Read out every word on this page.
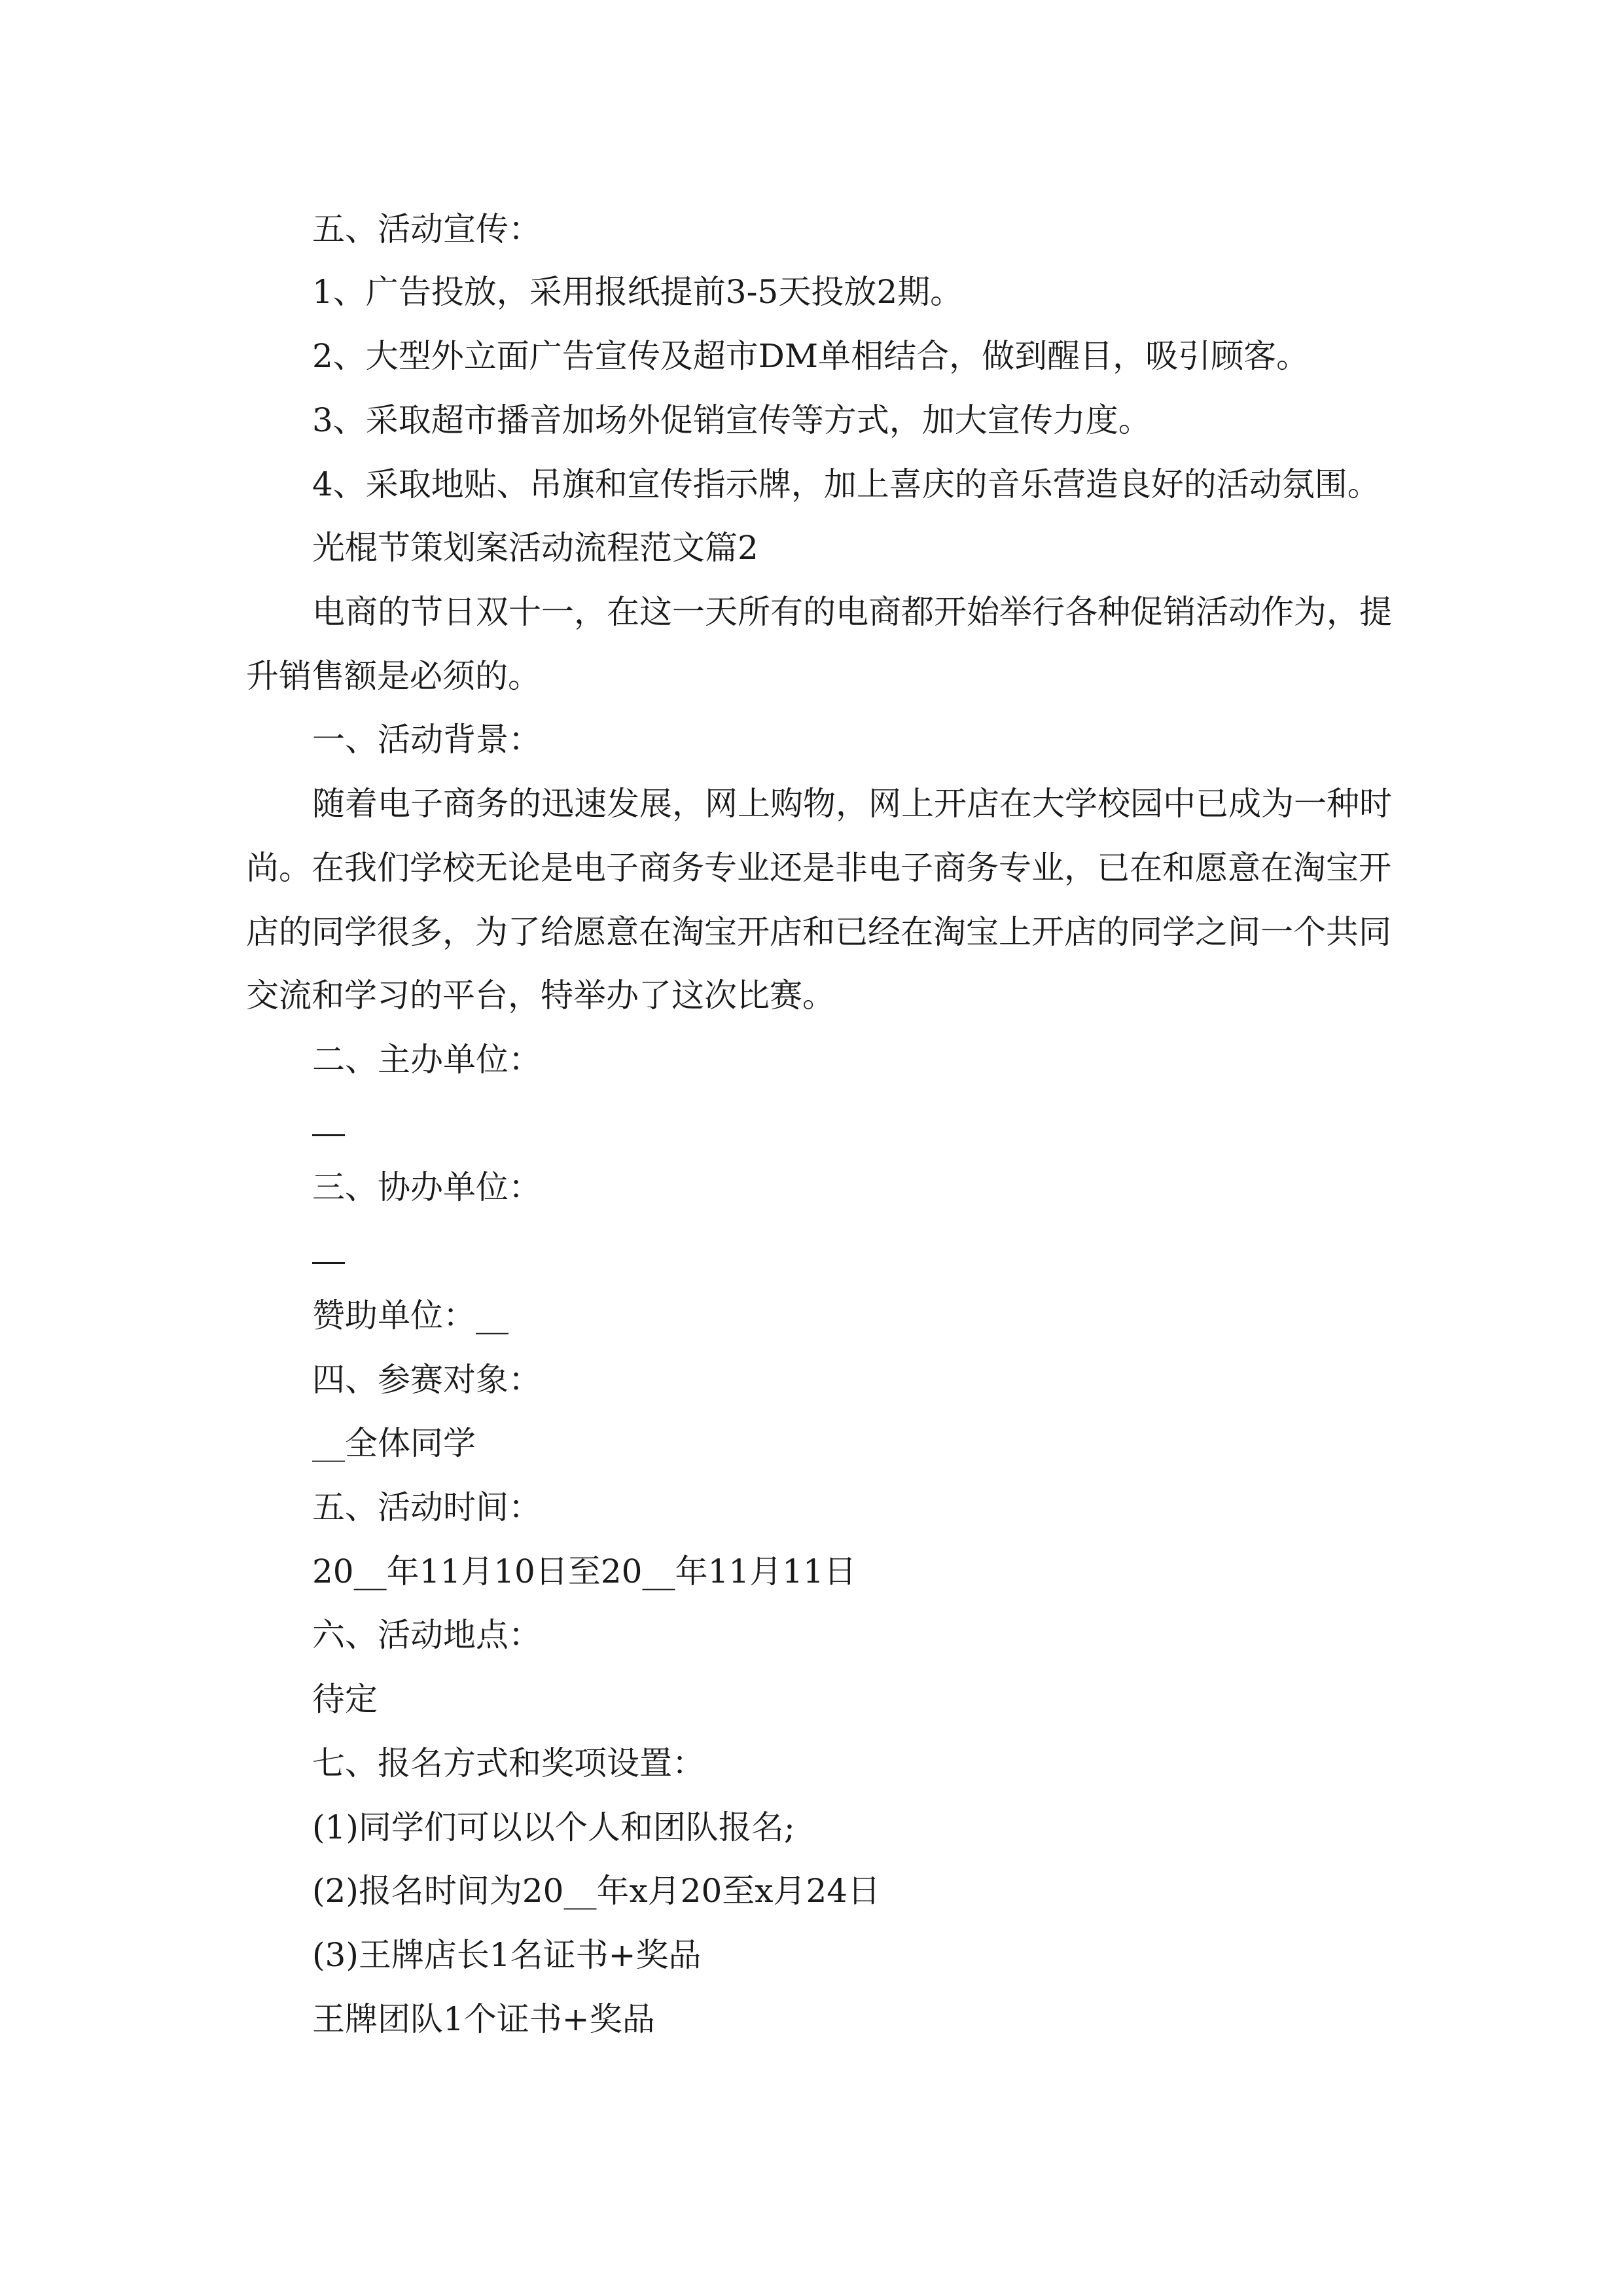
五、活动宣传：
1、广告投放，采用报纸提前3-5天投放2期。
2、大型外立面广告宣传及超市DM单相结合，做到醒目，吸引顾客。
3、采取超市播音加场外促销宣传等方式，加大宣传力度。
4、采取地贴、吊旗和宣传指示牌，加上喜庆的音乐营造良好的活动氛围。
光棍节策划案活动流程范文篇2
电商的节日双十一，在这一天所有的电商都开始举行各种促销活动作为，提
升销售额是必须的。
一、活动背景：
随着电子商务的迅速发展，网上购物，网上开店在大学校园中已成为一种时
尚。在我们学校无论是电子商务专业还是非电子商务专业，已在和愿意在淘宝开
店的同学很多，为了给愿意在淘宝开店和已经在淘宝上开店的同学之间一个共同
交流和学习的平台，特举办了这次比赛。
二、主办单位：
三、协办单位：
赞助单位：__
四、参赛对象：
__全体同学
五、活动时间：
20__年11月10日至20__年11月11日
六、活动地点：
待定
七、报名方式和奖项设置：
(1)同学们可以以个人和团队报名;
(2)报名时间为20__年x月20至x月24日
(3)王牌店长1名证书+奖品
王牌团队1个证书+奖品
